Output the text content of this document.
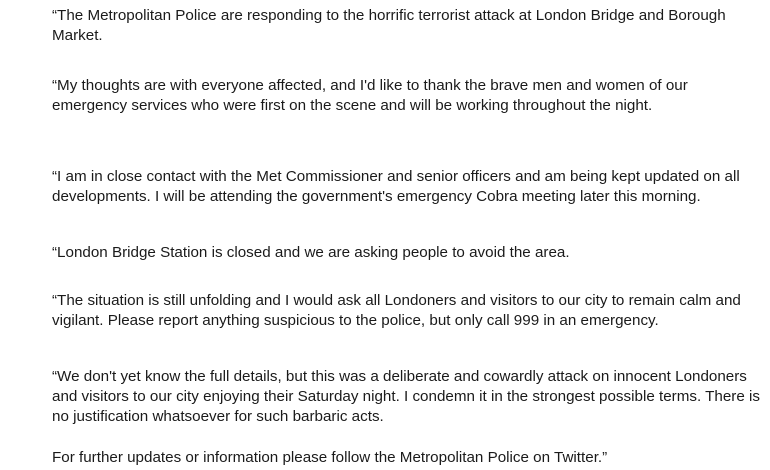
“The Metropolitan Police are responding to the horrific terrorist attack at London Bridge and Borough Market.

“My thoughts are with everyone affected, and I'd like to thank the brave men and women of our emergency services who were first on the scene and will be working throughout the night.

“I am in close contact with the Met Commissioner and senior officers and am being kept updated on all developments. I will be attending the government's emergency Cobra meeting later this morning.

“London Bridge Station is closed and we are asking people to avoid the area.

“The situation is still unfolding and I would ask all Londoners and visitors to our city to remain calm and vigilant. Please report anything suspicious to the police, but only call 999 in an emergency.

“We don't yet know the full details, but this was a deliberate and cowardly attack on innocent Londoners and visitors to our city enjoying their Saturday night. I condemn it in the strongest possible terms. There is no justification whatsoever for such barbaric acts.

For further updates or information please follow the Metropolitan Police on Twitter.”
